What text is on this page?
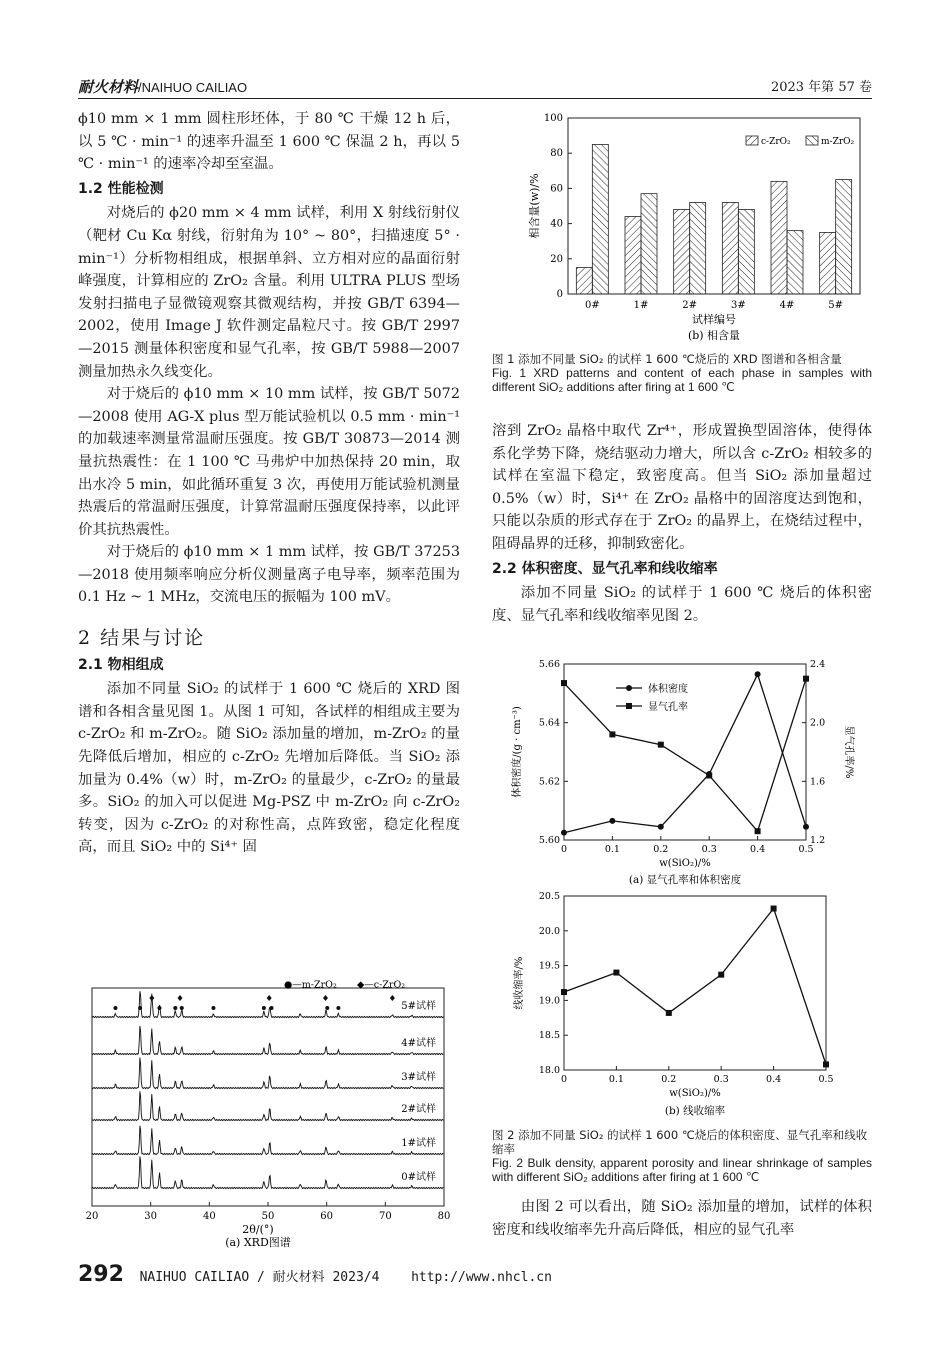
耐火材料/NAIHUO CAILIAO	2023 年第 57 卷

ϕ10 mm × 1 mm 圆柱形坯体，于 80 ℃ 干燥 12 h 后，以 5 ℃ · min⁻¹ 的速率升温至 1 600 ℃ 保温 2 h，再以 5 ℃ · min⁻¹ 的速率冷却至室温。

1.2 性能检测

对烧后的 ϕ20 mm × 4 mm 试样，利用 X 射线衍射仪（靶材 Cu Kα 射线，衍射角为 10° ~ 80°，扫描速度 5° · min⁻¹）分析物相组成，根据单斜、立方相对应的晶面衍射峰强度，计算相应的 ZrO₂ 含量。利用 ULTRA PLUS 型场发射扫描电子显微镜观察其微观结构，并按 GB/T 6394—2002，使用 Image J 软件测定晶粒尺寸。按 GB/T 2997—2015 测量体积密度和显气孔率，按 GB/T 5988—2007 测量加热永久线变化。

对于烧后的 ϕ10 mm × 10 mm 试样，按 GB/T 5072—2008 使用 AG‑X plus 型万能试验机以 0.5 mm · min⁻¹ 的加载速率测量常温耐压强度。按 GB/T 30873—2014 测量抗热震性：在 1 100 ℃ 马弗炉中加热保持 20 min，取出水冷 5 min，如此循环重复 3 次，再使用万能试验机测量热震后的常温耐压强度，计算常温耐压强度保持率，以此评价其抗热震性。

对于烧后的 ϕ10 mm × 1 mm 试样，按 GB/T 37253—2018 使用频率响应分析仪测量离子电导率，频率范围为 0.1 Hz ~ 1 MHz，交流电压的振幅为 100 mV。

2 结果与讨论

2.1 物相组成

添加不同量 SiO₂ 的试样于 1 600 ℃ 烧后的 XRD 图谱和各相含量见图 1。从图 1 可知，各试样的相组成主要为 c‑ZrO₂ 和 m‑ZrO₂。随 SiO₂ 添加量的增加，m‑ZrO₂ 的量先降低后增加，相应的 c‑ZrO₂ 先增加后降低。当 SiO₂ 添加量为 0.4%（w）时，m‑ZrO₂ 的量最少，c‑ZrO₂ 的量最多。SiO₂ 的加入可以促进 Mg‑PSZ 中 m‑ZrO₂ 向 c‑ZrO₂ 转变，因为 c‑ZrO₂ 的对称性高，点阵致密，稳定化程度高，而且 SiO₂ 中的 Si⁴⁺ 固

20	30	40	50	60	70	80
5#试样
4#试样
3#试样
2#试样
1#试样
0#试样
●—m-ZrO₂ ◆—c-ZrO₂
2θ/(°)
(a) XRD图谱
0
20
40
60
80
100
0#	1#	2#	3#	4#	5#
试样编号
(b) 相含量
相含量(w)/%
c-ZrO₂	m-ZrO₂
图 1 添加不同量 SiO₂ 的试样 1 600 ℃烧后的 XRD 图谱和各相含量
Fig. 1 XRD patterns and content of each phase in samples with different SiO₂ additions after firing at 1 600 ℃

溶到 ZrO₂ 晶格中取代 Zr⁴⁺，形成置换型固溶体，使得体系化学势下降，烧结驱动力增大，所以含 c‑ZrO₂ 相较多的试样在室温下稳定，致密度高。但当 SiO₂ 添加量超过 0.5%（w）时，Si⁴⁺ 在 ZrO₂ 晶格中的固溶度达到饱和，只能以杂质的形式存在于 ZrO₂ 的晶界上，在烧结过程中，阻碍晶界的迁移，抑制致密化。

2.2 体积密度、显气孔率和线收缩率

添加不同量 SiO₂ 的试样于 1 600 ℃ 烧后的体积密度、显气孔率和线收缩率见图 2。

0	0.1	0.2	0.3	0.4	0.5
5.60
5.62
5.64
5.66
1.2
1.6
2.0
2.4
体积密度
显气孔率
w(SiO₂)/%
(a) 显气孔率和体积密度
体积密度/(g · cm⁻³)	显气孔率/%
0	0.1	0.2	0.3	0.4	0.5
18.0
18.5
19.0
19.5
20.0
20.5
w(SiO₂)/%
(b) 线收缩率
线收缩率/%
图 2 添加不同量 SiO₂ 的试样 1 600 ℃烧后的体积密度、显气孔率和线收缩率
Fig. 2 Bulk density, apparent porosity and linear shrinkage of samples with different SiO₂ additions after firing at 1 600 ℃

由图 2 可以看出，随 SiO₂ 添加量的增加，试样的体积密度和线收缩率先升高后降低，相应的显气孔率

292 NAIHUO CAILIAO / 耐火材料 2023/4 http://www.nhcl.cn
